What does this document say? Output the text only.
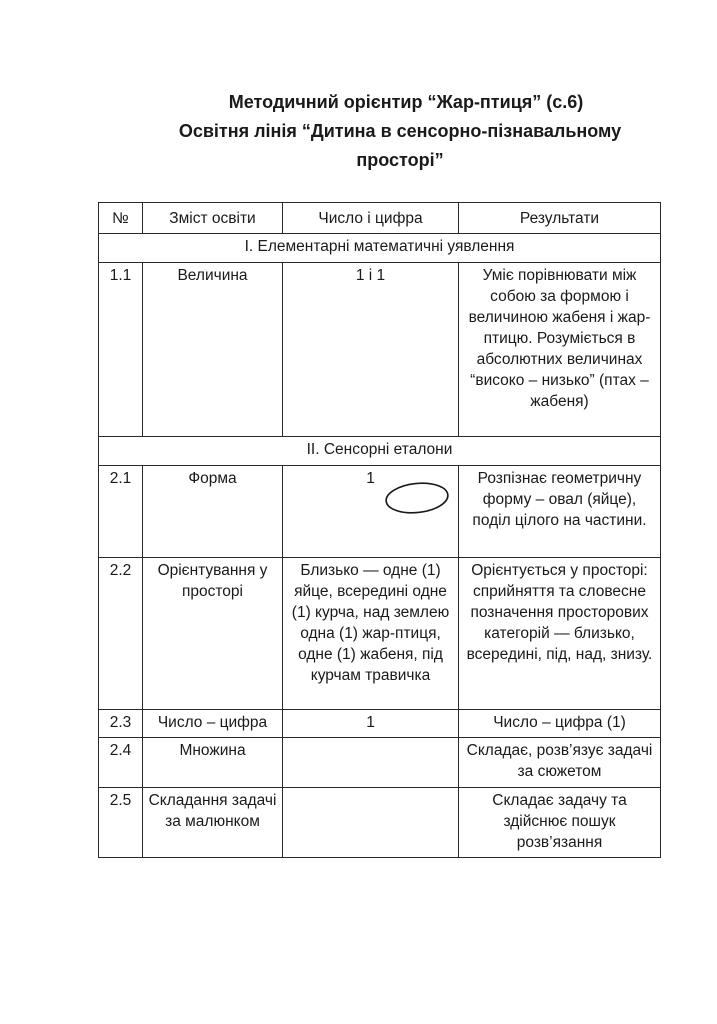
Методичний орієнтир “Жар-птиця” (с.6)
Освітня лінія “Дитина в сенсорно-пізнавальному
просторі”
№	Зміст освіти	Число і цифра	Результати
I. Елементарні математичні уявлення			
1.1	Величина	1 і 1	Уміє порівнювати між собою за формою і величиною жабеня і жар-птицю. Розуміється в абсолютних величинах “високо – низько” (птах – жабеня)
II. Сенсорні еталони			
2.1	Форма	1	Розпізнає геометричну форму – овал (яйце), поділ цілого на частини.
2.2	Орієнтування у просторі	Близько — одне (1) яйце, всередині одне (1) курча, над землею одна (1) жар-птиця, одне (1) жабеня, під курчам травичка	Орієнтується у просторі: сприйняття та словесне позначення просторових категорій — близько, всередині, під, над, знизу.
2.3	Число – цифра	1	Число – цифра (1)
2.4	Множина		Складає, розв’язує задачі за сюжетом
2.5	Складання задачі за малюнком		Складає задачу та здійснює пошук розв’язання
